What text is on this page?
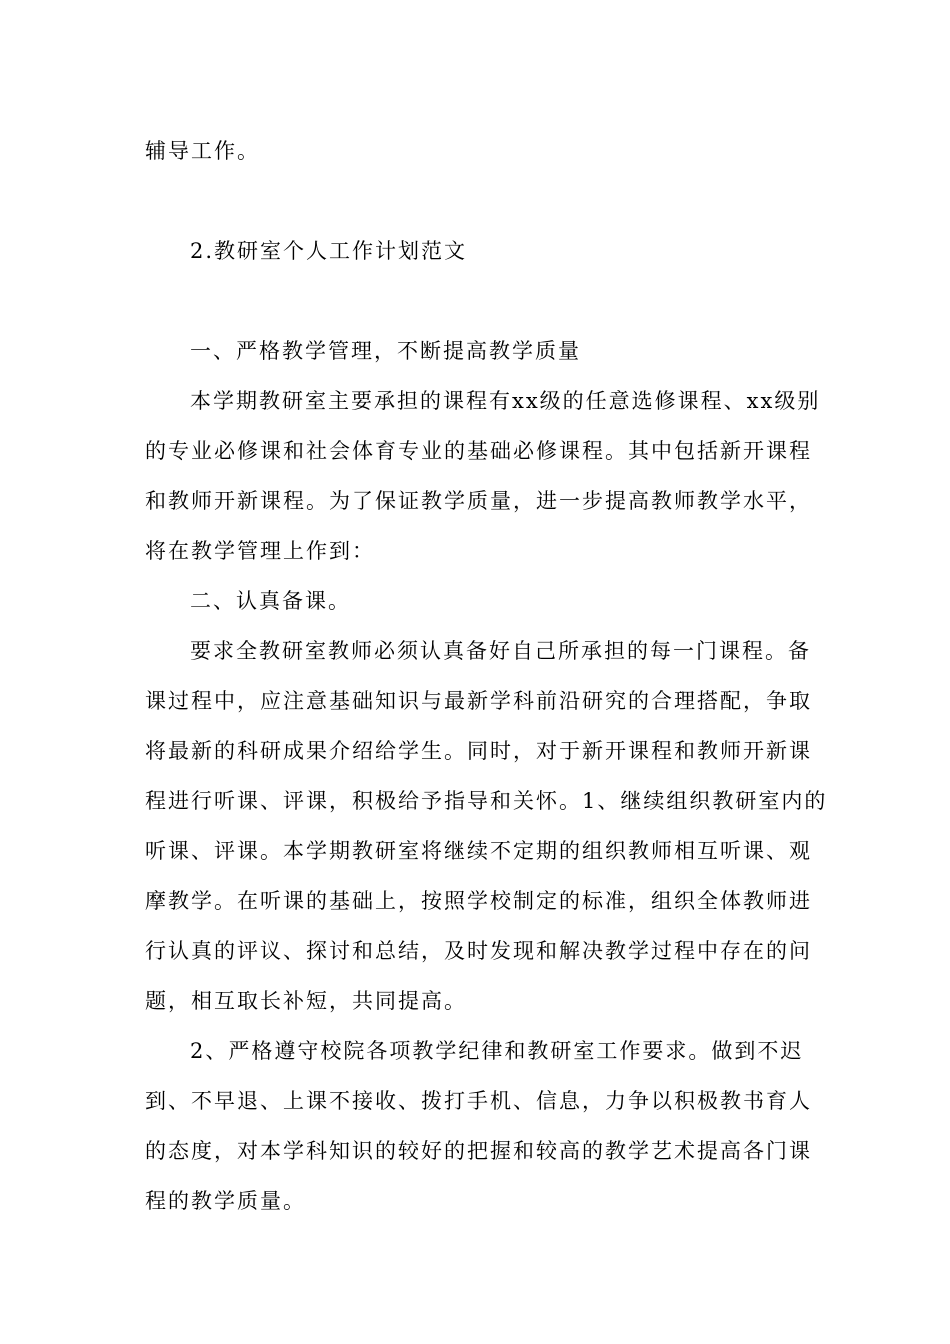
辅导工作。
2.教研室个人工作计划范文
一、严格教学管理，不断提高教学质量
本学期教研室主要承担的课程有xx级的任意选修课程、xx级别
的专业必修课和社会体育专业的基础必修课程。其中包括新开课程
和教师开新课程。为了保证教学质量，进一步提高教师教学水平，
将在教学管理上作到：
二、认真备课。
要求全教研室教师必须认真备好自己所承担的每一门课程。备
课过程中，应注意基础知识与最新学科前沿研究的合理搭配，争取
将最新的科研成果介绍给学生。同时，对于新开课程和教师开新课
程进行听课、评课，积极给予指导和关怀。1、继续组织教研室内的
听课、评课。本学期教研室将继续不定期的组织教师相互听课、观
摩教学。在听课的基础上，按照学校制定的标准，组织全体教师进
行认真的评议、探讨和总结，及时发现和解决教学过程中存在的问
题，相互取长补短，共同提高。
2、严格遵守校院各项教学纪律和教研室工作要求。做到不迟
到、不早退、上课不接收、拨打手机、信息，力争以积极教书育人
的态度，对本学科知识的较好的把握和较高的教学艺术提高各门课
程的教学质量。
